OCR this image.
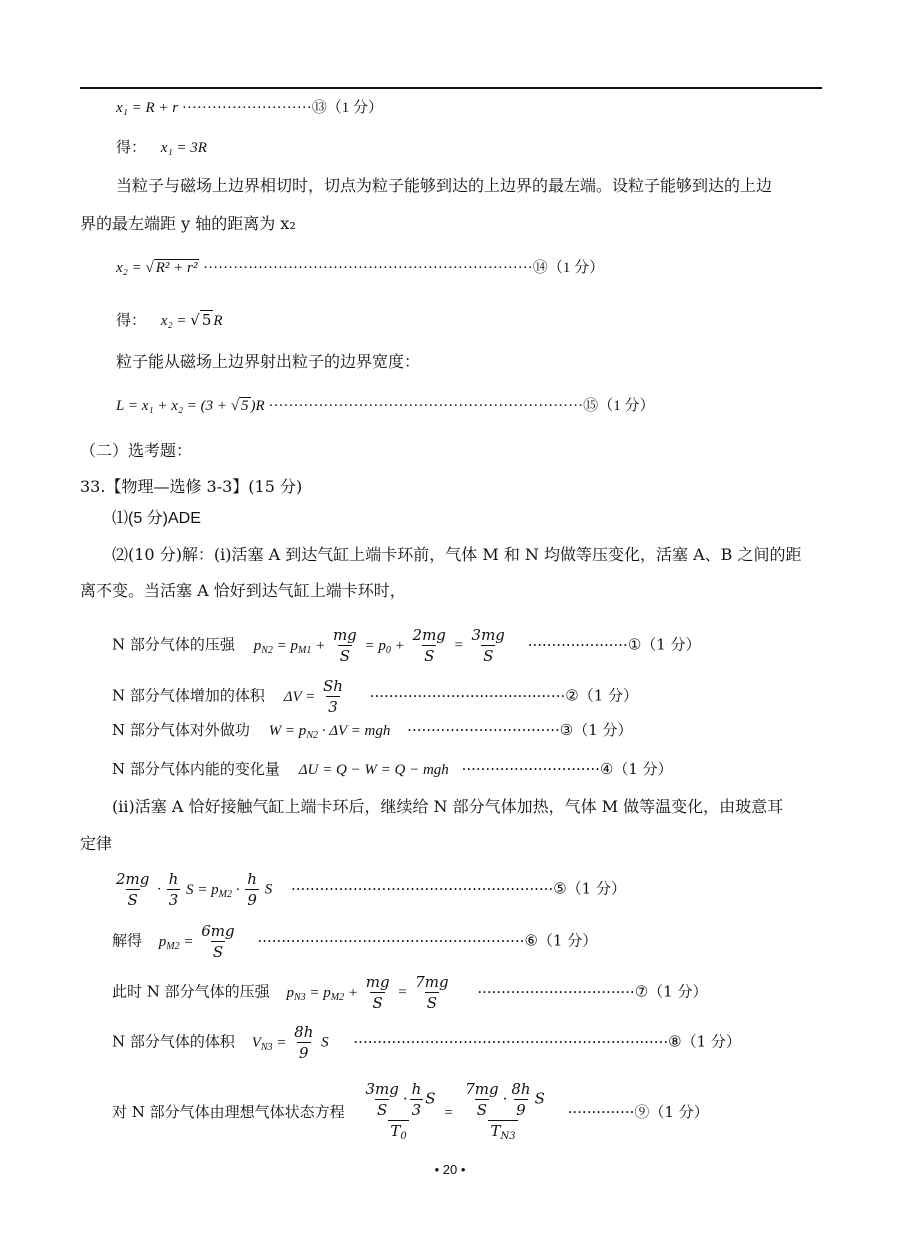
x₁ = R + r ··························⑬（1 分）
得： x₁ = 3R
当粒子与磁场上边界相切时，切点为粒子能够到达的上边界的最左端。设粒子能够到达的上边
界的最左端距 y 轴的距离为 x₂
x₂ = √ R² + r² ··································································⑭（1 分）
得： x₂ = √ 5 R
粒子能从磁场上边界射出粒子的边界宽度：
L = x₁ + x₂ = (3 + √ 5 )R ·······························································⑮（1 分）
（二）选考题：
33.【物理—选修 3-3】(15 分)
⑴(5 分)ADE
⑵(10 分)解：(ⅰ)活塞 A 到达气缸上端卡环前，气体 M 和 N 均做等压变化，活塞 A、B 之间的距
离不变。当活塞 A 恰好到达气缸上端卡环时，
N 部分气体的压强 $p_{N2} = p_{M1} + \frac{mg}{S} = p_0 + \frac{2mg}{S} = \frac{3mg}{S}$ ·····················①（1 分）
N 部分气体增加的体积 $\Delta V = \frac{Sh}{3}$ ·········································②（1 分）
N 部分气体对外做功 $W = p_{N2} \cdot \Delta V$ = mgh ································③（1 分）
N 部分气体内能的变化量 ΔU = Q − W = Q − mgh ·····························④（1 分）
(ⅱ)活塞 A 恰好接触气缸上端卡环后，继续给 N 部分气体加热，气体 M 做等温变化，由玻意耳
定律
$\frac{2mg}{S} \cdot \frac{h}{3}$ $S = p_{M2} \cdot \frac{h}{9}$ S ·······················································⑤（1 分）
解得 $p_{M2} = \frac{6mg}{S}$ ························································⑥（1 分）
此时 N 部分气体的压强 $p_{N3} = p_{M2} + \frac{mg}{S} = \frac{7mg}{S}$ ·································⑦（1 分）
N 部分气体的体积 $V_{N3} = \frac{8h}{9}$ S ··································································⑧（1 分）
对 N 部分气体由理想气体状态方程 $\frac{\frac{3mg}{S} \cdot \frac{h}{3} S}{T_0} = \frac{\frac{7mg}{S} \cdot \frac{8h}{9} S}{T_{N3}}$ ··············⑨（1 分）
• 20 •
